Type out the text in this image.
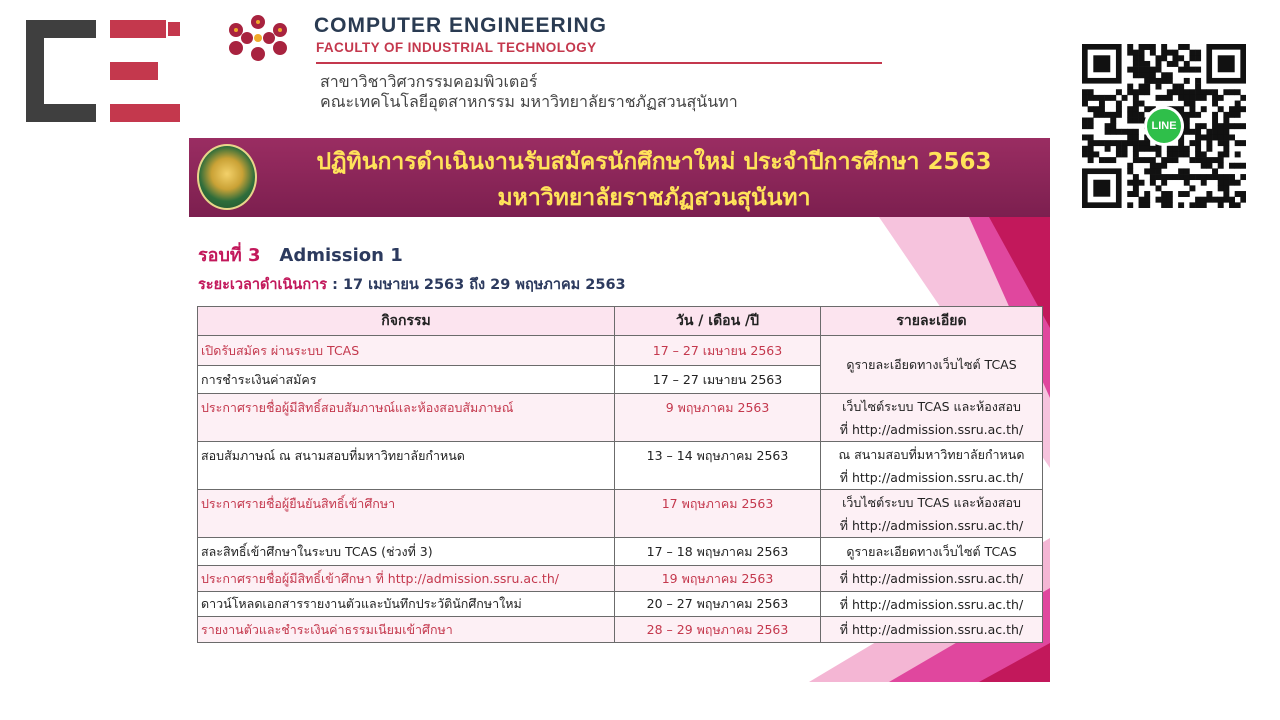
COMPUTER ENGINEERING
FACULTY OF INDUSTRIAL TECHNOLOGY
สาขาวิชาวิศวกรรมคอมพิวเตอร์
คณะเทคโนโลยีอุตสาหกรรม มหาวิทยาลัยราชภัฏสวนสุนันทา
LINE
ปฏิทินการดำเนินงานรับสมัครนักศึกษาใหม่ ประจำปีการศึกษา 2563
มหาวิทยาลัยราชภัฏสวนสุนันทา
รอบที่ 3 Admission 1
ระยะเวลาดำเนินการ : 17 เมษายน 2563 ถึง 29 พฤษภาคม 2563
กิจกรรม	วัน / เดือน /ปี	รายละเอียด
เปิดรับสมัคร ผ่านระบบ TCAS	17 – 27 เมษายน 2563	ดูรายละเอียดทางเว็บไซต์ TCAS

การชำระเงินค่าสมัคร	17 – 27 เมษายน 2563	
ประกาศรายชื่อผู้มีสิทธิ์สอบสัมภาษณ์และห้องสอบสัมภาษณ์	9 พฤษภาคม 2563	เว็บไซต์ระบบ TCAS และห้องสอบ
ที่ http://admission.ssru.ac.th/

สอบสัมภาษณ์ ณ สนามสอบที่มหาวิทยาลัยกำหนด	13 – 14 พฤษภาคม 2563	ณ สนามสอบที่มหาวิทยาลัยกำหนด
ที่ http://admission.ssru.ac.th/

ประกาศรายชื่อผู้ยืนยันสิทธิ์เข้าศึกษา	17 พฤษภาคม 2563	เว็บไซต์ระบบ TCAS และห้องสอบ
ที่ http://admission.ssru.ac.th/

สละสิทธิ์เข้าศึกษาในระบบ TCAS (ช่วงที่ 3)	17 – 18 พฤษภาคม 2563	ดูรายละเอียดทางเว็บไซต์ TCAS

ประกาศรายชื่อผู้มีสิทธิ์เข้าศึกษา ที่ http://admission.ssru.ac.th/	19 พฤษภาคม 2563	ที่ http://admission.ssru.ac.th/

ดาวน์โหลดเอกสารรายงานตัวและบันทึกประวัตินักศึกษาใหม่	20 – 27 พฤษภาคม 2563	ที่ http://admission.ssru.ac.th/

รายงานตัวและชำระเงินค่าธรรมเนียมเข้าศึกษา	28 – 29 พฤษภาคม 2563	ที่ http://admission.ssru.ac.th/
